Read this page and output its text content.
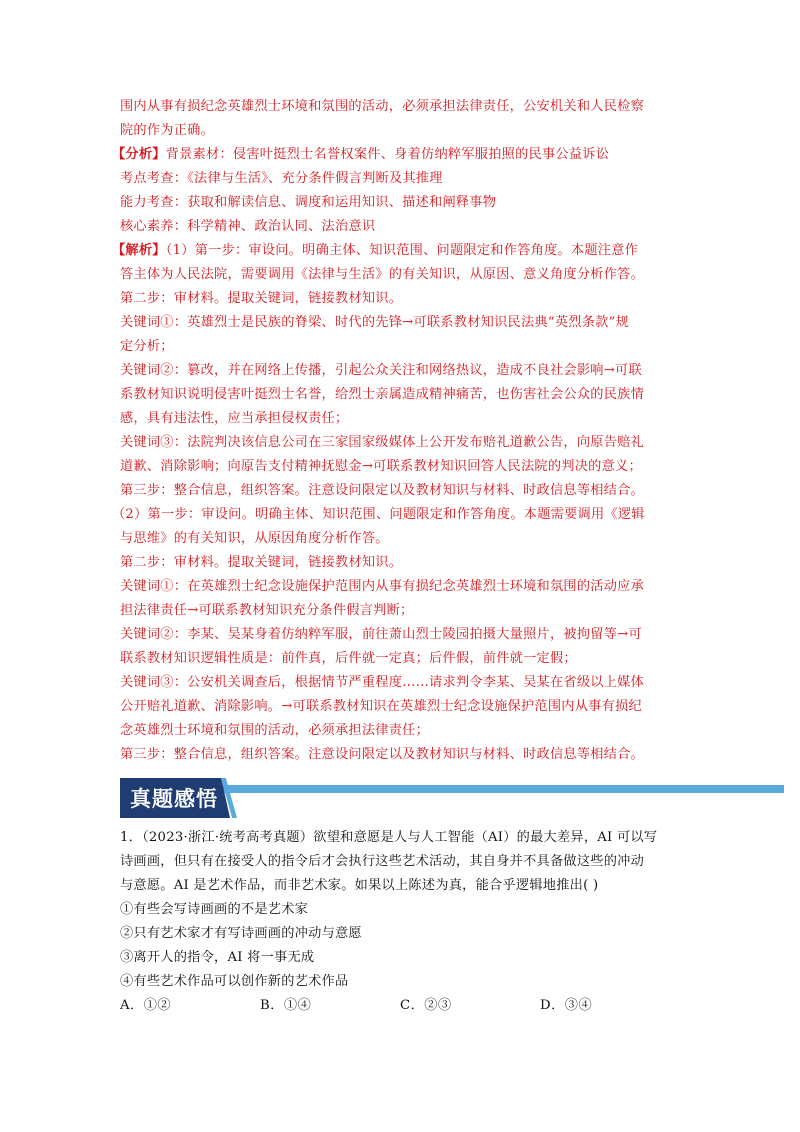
围内从事有损纪念英雄烈士环境和氛围的活动，必须承担法律责任，公安机关和人民检察
院的作为正确。
【分析】背景素材：侵害叶挺烈士名誉权案件、身着仿纳粹军服拍照的民事公益诉讼
考点考查：《法律与生活》、充分条件假言判断及其推理
能力考查：获取和解读信息、调度和运用知识、描述和阐释事物
核心素养：科学精神、政治认同、法治意识
【解析】（1）第一步：审设问。明确主体、知识范围、问题限定和作答角度。本题注意作
答主体为人民法院，需要调用《法律与生活》的有关知识，从原因、意义角度分析作答。
第二步：审材料。提取关键词，链接教材知识。
关键词①：英雄烈士是民族的脊梁、时代的先锋→可联系教材知识民法典“英烈条款”规
定分析；
关键词②：篡改，并在网络上传播，引起公众关注和网络热议，造成不良社会影响→可联
系教材知识说明侵害叶挺烈士名誉，给烈士亲属造成精神痛苦，也伤害社会公众的民族情
感，具有违法性，应当承担侵权责任；
关键词③：法院判决该信息公司在三家国家级媒体上公开发布赔礼道歉公告，向原告赔礼
道歉、消除影响；向原告支付精神抚慰金→可联系教材知识回答人民法院的判决的意义；
第三步：整合信息，组织答案。注意设问限定以及教材知识与材料、时政信息等相结合。
（2）第一步：审设问。明确主体、知识范围、问题限定和作答角度。本题需要调用《逻辑
与思维》的有关知识，从原因角度分析作答。
第二步：审材料。提取关键词，链接教材知识。
关键词①：在英雄烈士纪念设施保护范围内从事有损纪念英雄烈士环境和氛围的活动应承
担法律责任→可联系教材知识充分条件假言判断；
关键词②：李某、吴某身着仿纳粹军服，前往萧山烈士陵园拍摄大量照片，被拘留等→可
联系教材知识逻辑性质是：前件真，后件就一定真；后件假，前件就一定假；
关键词③：公安机关调查后，根据情节严重程度……请求判令李某、吴某在省级以上媒体
公开赔礼道歉、消除影响。→可联系教材知识在英雄烈士纪念设施保护范围内从事有损纪
念英雄烈士环境和氛围的活动，必须承担法律责任；
第三步：整合信息，组织答案。注意设问限定以及教材知识与材料、时政信息等相结合。
真题感悟
1．（2023·浙江·统考高考真题）欲望和意愿是人与人工智能（AI）的最大差异，AI 可以写
诗画画，但只有在接受人的指令后才会执行这些艺术活动，其自身并不具备做这些的冲动
与意愿。AI 是艺术作品，而非艺术家。如果以上陈述为真，能合乎逻辑地推出( )
①有些会写诗画画的不是艺术家
②只有艺术家才有写诗画画的冲动与意愿
③离开人的指令，AI 将一事无成
④有些艺术作品可以创作新的艺术作品
A．①②	B．①④	C．②③	D．③④
